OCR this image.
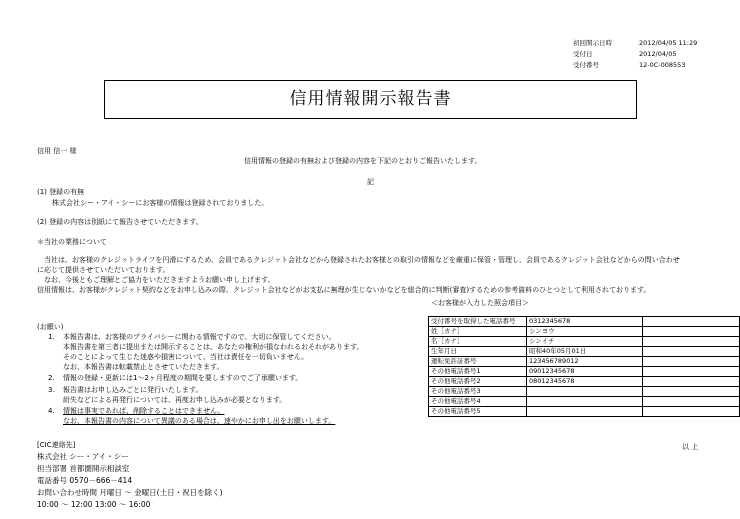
初回開示日時	2012/04/05 11:29
受付日	2012/04/05
受付番号	12-0C-008553
信用情報開示報告書
信用 信一 様
信用情報の登録の有無および登録の内容を下記のとおりご報告いたします。
記
(1) 登録の有無
株式会社シー・アイ・シーにお客様の情報は登録されておりました。
(2) 登録の内容は別紙にて報告させていただきます。
＊当社の業務について
当社は、お客様のクレジットライフを円滑にするため、会員であるクレジット会社などから登録されたお客様との取引の情報などを厳重に保管・管理し、会員であるクレジット会社などからの問い合わせ
に応じて提供させていただいております。
なお、今後ともご理解とご協力をいただきますようお願い申し上げます。
信用情報は、お客様がクレジット契約などをお申し込みの際、クレジット会社などがお支払に無理が生じないかなどを総合的に判断(審査)するための参考資料のひとつとして利用されております。
＜お客様が入力した照会項目＞
受付番号を取得した電話番号	0312345678	
姓［カナ］	シンヨウ	
名［カナ］	シンイチ	
生年月日	昭和40年05月01日	
運転免許証番号	123456789012	
その他電話番号1	09012345678	
その他電話番号2	08012345678	
その他電話番号3		
その他電話番号4		
その他電話番号5		
(お願い)
1. 本報告書は、お客様のプライバシーに関わる情報ですので、大切に保管してください。
本報告書を第三者に提出または開示することは、あなたの権利が損なわれるおそれがあります。
そのことによって生じた迷惑や損害について、当社は責任を一切負いません。
なお、本報告書は転載禁止とさせていただきます。
2. 情報の登録・更新には1～2ヶ月程度の期間を要しますのでご了承願います。
3. 報告書はお申し込みごとに発行いたします。
紛失などによる再発行については、再度お申し込みが必要となります。
4. 情報は事実であれば、削除することはできません。
なお、本報告書の内容について異議のある場合は、速やかにお申し出をお願いします。
以 上
[CIC連絡先]
株式会社 シー・アイ・シー
担当部署 首都圏開示相談室
電話番号 0570－666－414
お問い合わせ時間 月曜日 ～ 金曜日(土日・祝日を除く)
10:00 ～ 12:00 13:00 ～ 16:00
